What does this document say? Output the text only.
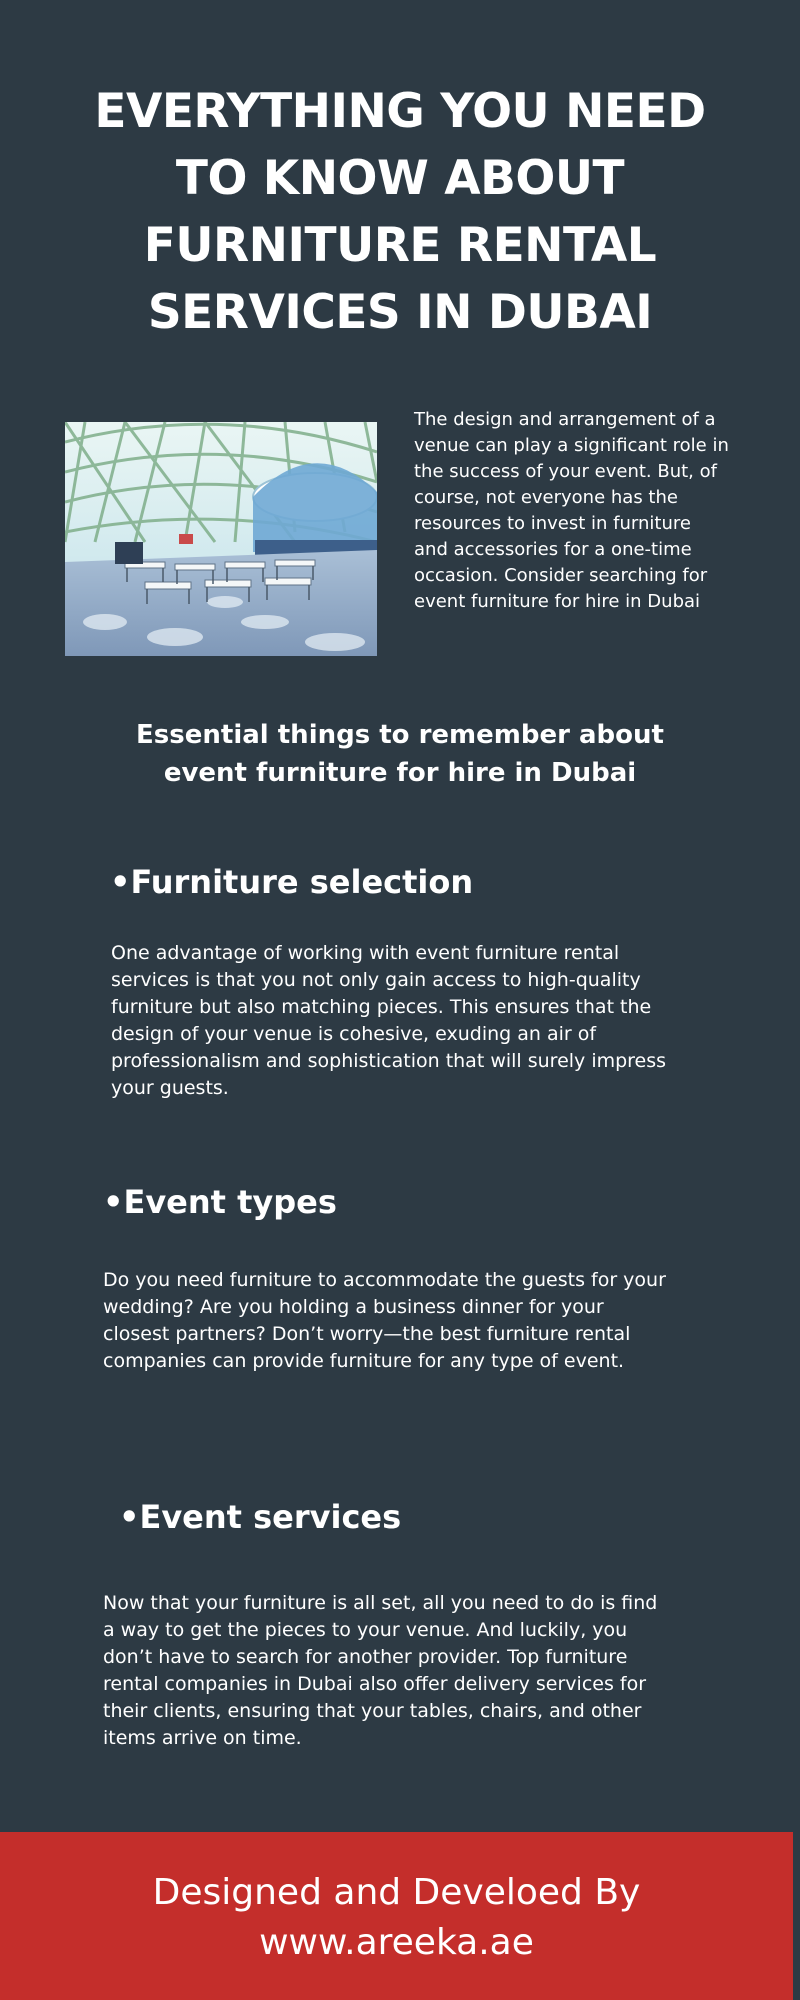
EVERYTHING YOU NEED TO KNOW ABOUT FURNITURE RENTAL SERVICES IN DUBAI

The design and arrangement of a venue can play a significant role in the success of your event. But, of course, not everyone has the resources to invest in furniture and accessories for a one-time occasion. Consider searching for event furniture for hire in Dubai

Essential things to remember about event furniture for hire in Dubai
•Furniture selection

One advantage of working with event furniture rental services is that you not only gain access to high-quality furniture but also matching pieces. This ensures that the design of your venue is cohesive, exuding an air of professionalism and sophistication that will surely impress your guests.

•Event types

Do you need furniture to accommodate the guests for your wedding? Are you holding a business dinner for your closest partners? Don’t worry—the best furniture rental companies can provide furniture for any type of event.

•Event services

Now that your furniture is all set, all you need to do is find a way to get the pieces to your venue. And luckily, you don’t have to search for another provider. Top furniture rental companies in Dubai also offer delivery services for their clients, ensuring that your tables, chairs, and other items arrive on time.

Designed and Develoed By
www.areeka.ae
